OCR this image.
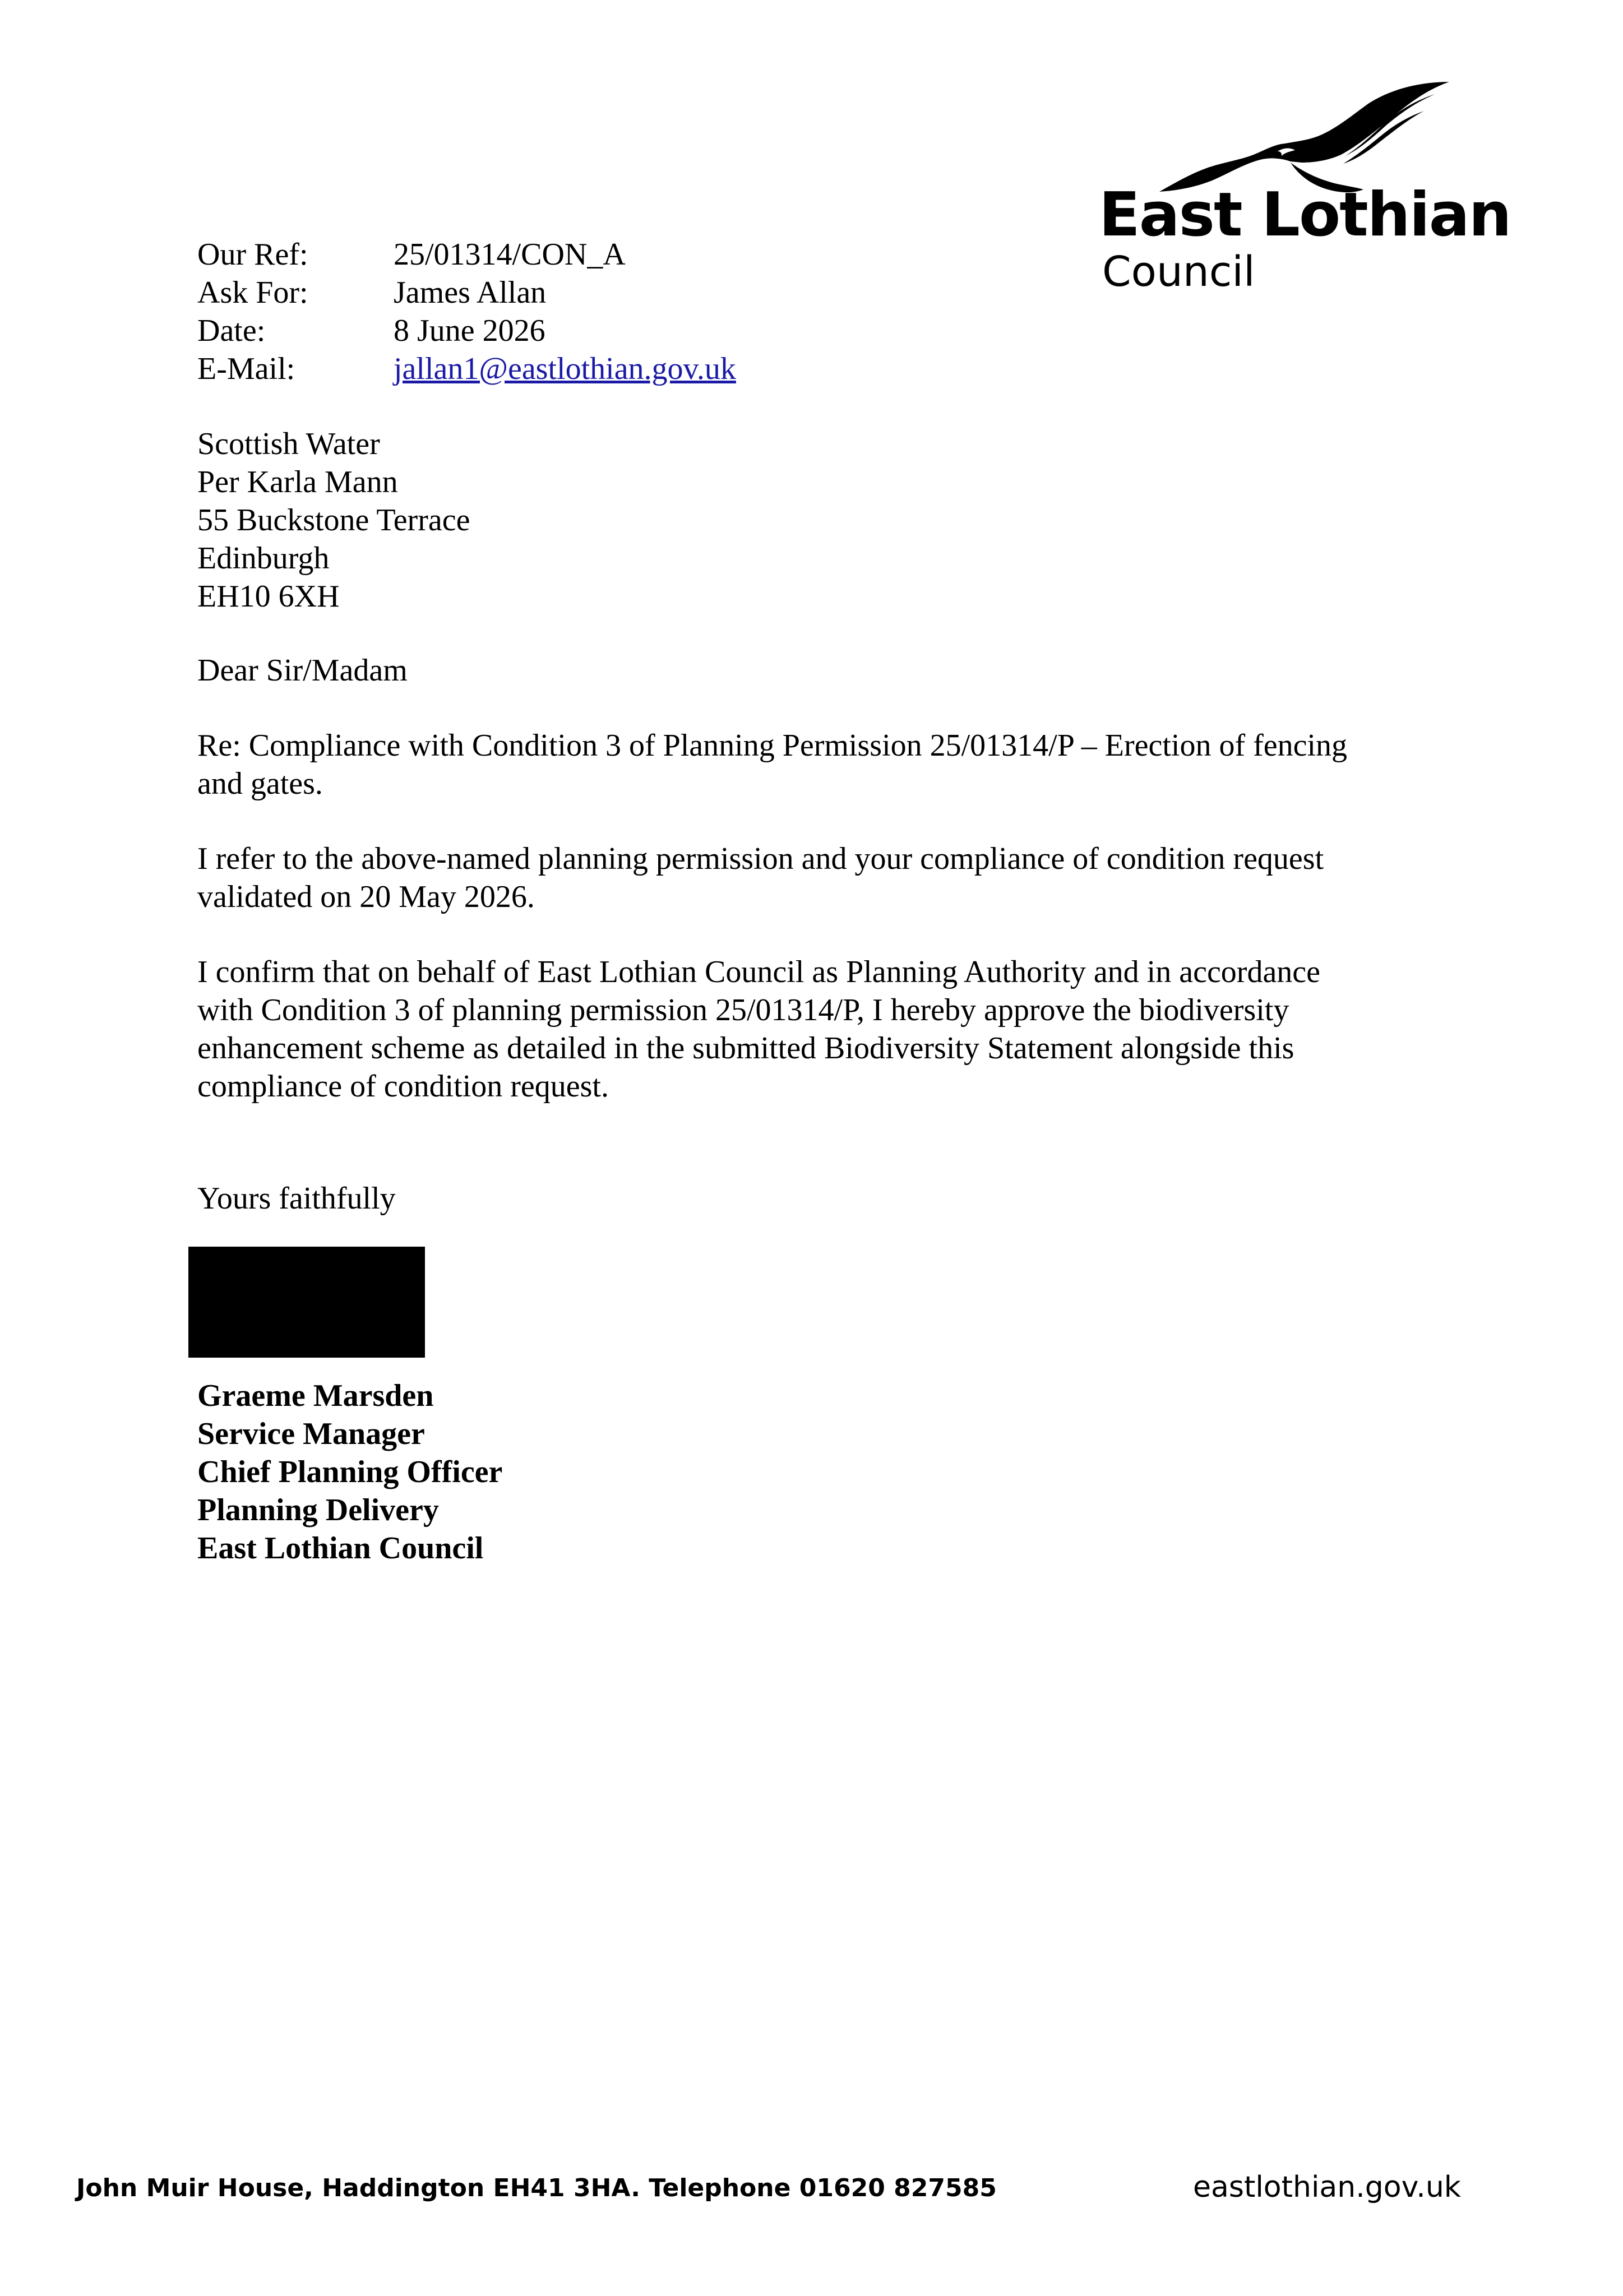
East Lothian
Council
Our Ref:	25/01314/CON_A
Ask For:	James Allan
Date:	8 June 2026
E-Mail:	jallan1@eastlothian.gov.uk
Scottish Water
Per Karla Mann
55 Buckstone Terrace
Edinburgh
EH10 6XH
Dear Sir/Madam
Re: Compliance with Condition 3 of Planning Permission 25/01314/P – Erection of fencing
and gates.
I refer to the above-named planning permission and your compliance of condition request
validated on 20 May 2026.
I confirm that on behalf of East Lothian Council as Planning Authority and in accordance
with Condition 3 of planning permission 25/01314/P, I hereby approve the biodiversity
enhancement scheme as detailed in the submitted Biodiversity Statement alongside this
compliance of condition request.
Yours faithfully
Graeme Marsden
Service Manager
Chief Planning Officer
Planning Delivery
East Lothian Council
John Muir House, Haddington EH41 3HA. Telephone 01620 827585	eastlothian.gov.uk
